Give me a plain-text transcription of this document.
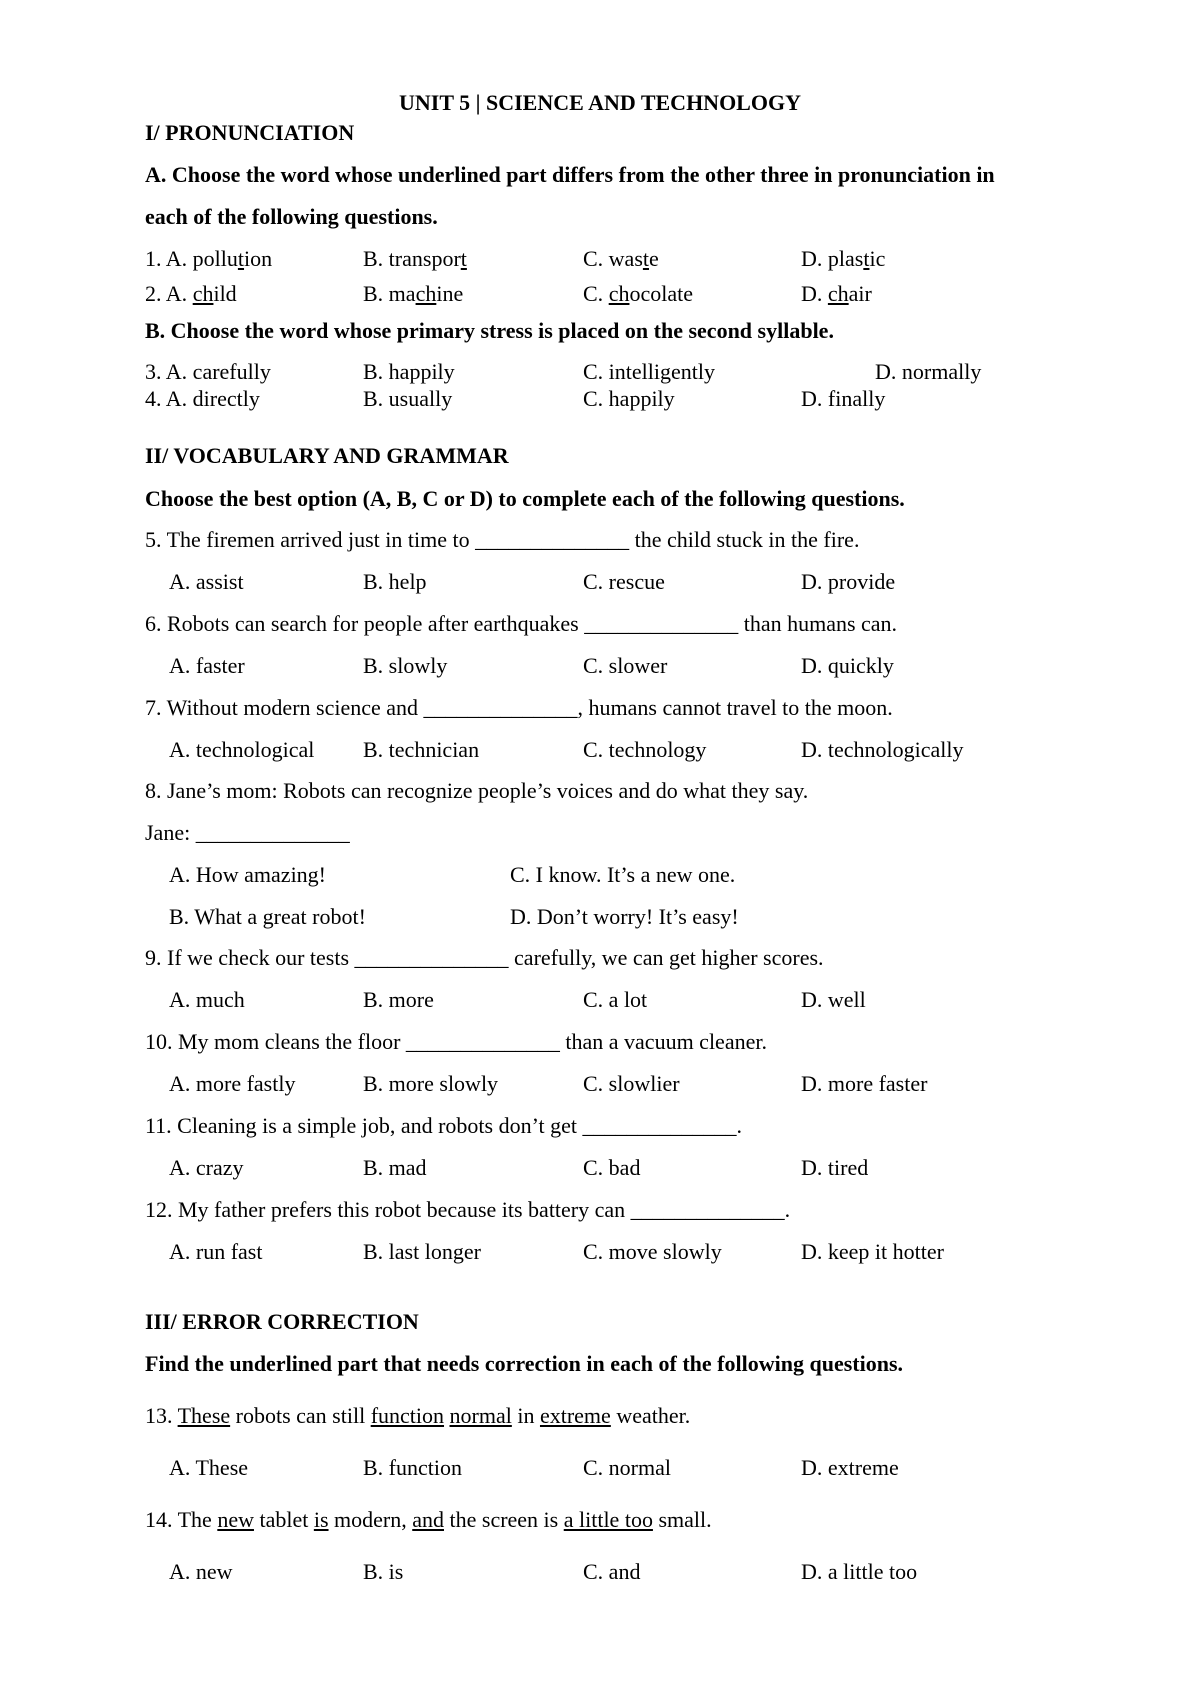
UNIT 5 | SCIENCE AND TECHNOLOGY
I/ PRONUNCIATION
A. Choose the word whose underlined part differs from the other three in pronunciation in
each of the following questions.
1. A. pollution	B. transport	C. waste	D. plastic
2. A. child	B. machine	C. chocolate	D. chair
B. Choose the word whose primary stress is placed on the second syllable.
3. A. carefully	B. happily	C. intelligently	D. normally
4. A. directly	B. usually	C. happily	D. finally
II/ VOCABULARY AND GRAMMAR
Choose the best option (A, B, C or D) to complete each of the following questions.
5. The firemen arrived just in time to ______________ the child stuck in the fire.
A. assist	B. help	C. rescue	D. provide
6. Robots can search for people after earthquakes ______________ than humans can.
A. faster	B. slowly	C. slower	D. quickly
7. Without modern science and ______________, humans cannot travel to the moon.
A. technological B. technician	C. technology	D. technologically
8. Jane’s mom: Robots can recognize people’s voices and do what they say.
Jane: ______________
A. How amazing!	C. I know. It’s a new one.
B. What a great robot!	D. Don’t worry! It’s easy!
9. If we check our tests ______________ carefully, we can get higher scores.
A. much	B. more	C. a lot	D. well
10. My mom cleans the floor ______________ than a vacuum cleaner.
A. more fastly	B. more slowly	C. slowlier	D. more faster
11. Cleaning is a simple job, and robots don’t get ______________.
A. crazy	B. mad	C. bad	D. tired
12. My father prefers this robot because its battery can ______________.
A. run fast	B. last longer	C. move slowly	D. keep it hotter
III/ ERROR CORRECTION
Find the underlined part that needs correction in each of the following questions.
13. These robots can still function normal in extreme weather.
A. These	B. function	C. normal	D. extreme
14. The new tablet is modern, and the screen is a little too small.
A. new	B. is	C. and	D. a little too
